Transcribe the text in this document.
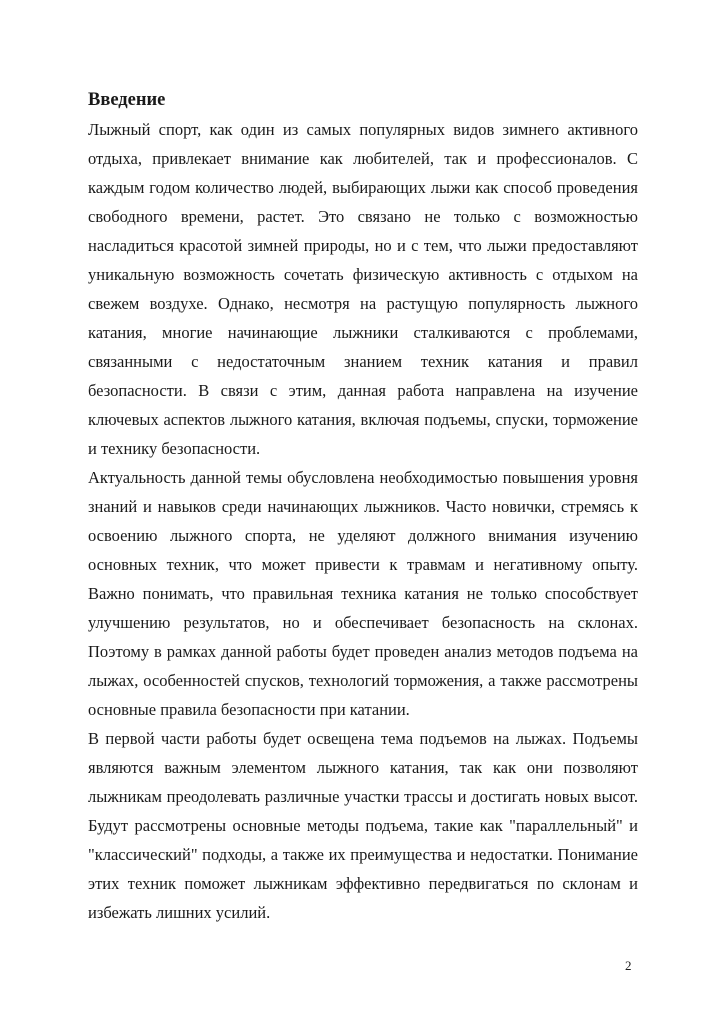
Введение

Лыжный спорт, как один из самых популярных видов зимнего активного отдыха, привлекает внимание как любителей, так и профессионалов. С каждым годом количество людей, выбирающих лыжи как способ проведения свободного времени, растет. Это связано не только с возможностью насладиться красотой зимней природы, но и с тем, что лыжи предоставляют уникальную возможность сочетать физическую активность с отдыхом на свежем воздухе. Однако, несмотря на растущую популярность лыжного катания, многие начинающие лыжники сталкиваются с проблемами, связанными с недостаточным знанием техник катания и правил безопасности. В связи с этим, данная работа направлена на изучение ключевых аспектов лыжного катания, включая подъемы, спуски, торможение и технику безопасности.

Актуальность данной темы обусловлена необходимостью повышения уровня знаний и навыков среди начинающих лыжников. Часто новички, стремясь к освоению лыжного спорта, не уделяют должного внимания изучению основных техник, что может привести к травмам и негативному опыту. Важно понимать, что правильная техника катания не только способствует улучшению результатов, но и обеспечивает безопасность на склонах. Поэтому в рамках данной работы будет проведен анализ методов подъема на лыжах, особенностей спусков, технологий торможения, а также рассмотрены основные правила безопасности при катании.

В первой части работы будет освещена тема подъемов на лыжах. Подъемы являются важным элементом лыжного катания, так как они позволяют лыжникам преодолевать различные участки трассы и достигать новых высот. Будут рассмотрены основные методы подъема, такие как "параллельный" и "классический" подходы, а также их преимущества и недостатки. Понимание этих техник поможет лыжникам эффективно передвигаться по склонам и избежать лишних усилий.

2
